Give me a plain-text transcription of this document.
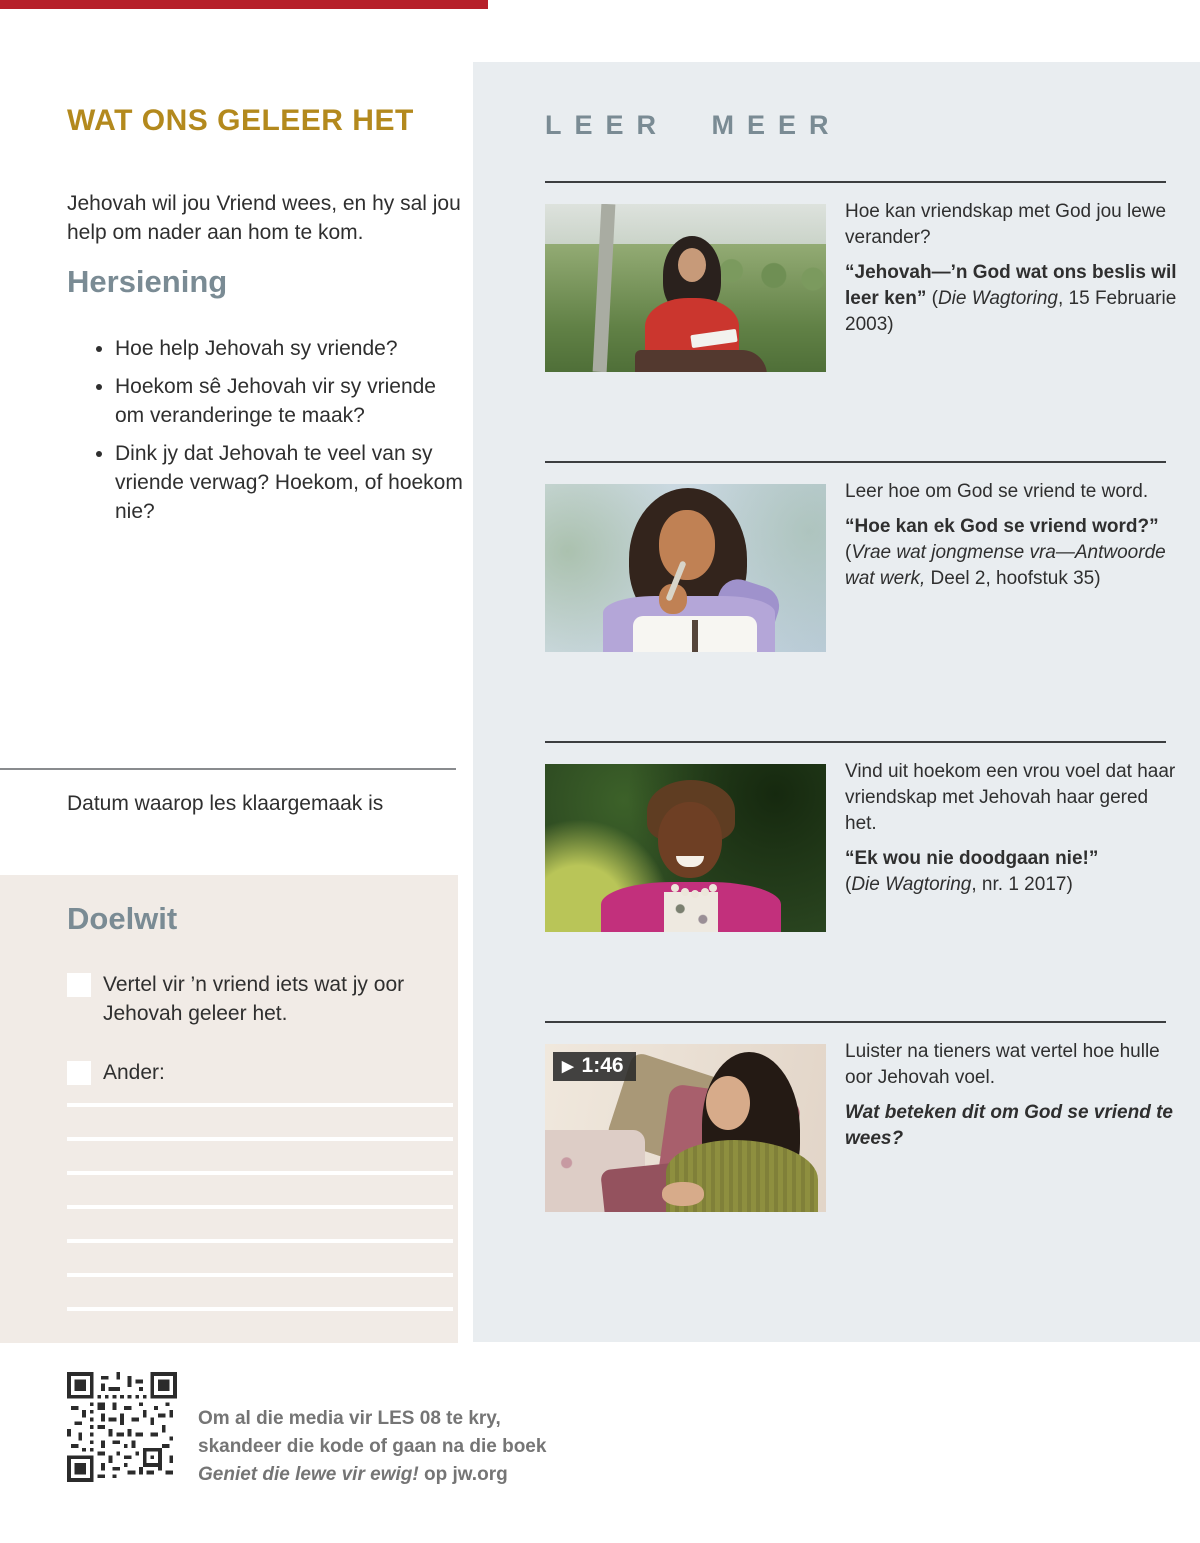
WAT ONS GELEER HET

Jehovah wil jou Vriend wees, en hy sal jou help om nader aan hom te kom.

Hersiening
• Hoe help Jehovah sy vriende?
• Hoekom sê Jehovah vir sy vriende om veranderinge te maak?
• Dink jy dat Jehovah te veel van sy vriende verwag? Hoekom, of hoekom nie?
Datum waarop les klaargemaak is
Doelwit
Vertel vir ’n vriend iets wat jy oor Jehovah geleer het.
Ander:
Om al die media vir LES 08 te kry,
skandeer die kode of gaan na die boek
Geniet die lewe vir ewig! op jw.org
LEER MEER

Hoe kan vriendskap met God jou lewe verander?

“Jehovah—’n God wat ons beslis wil leer ken” (Die Wagtoring, 15 Februarie 2003)

Leer hoe om God se vriend te word.

“Hoe kan ek God se vriend word?” (Vrae wat jongmense vra—Antwoorde wat werk, Deel 2, hoofstuk 35)

Vind uit hoekom een vrou voel dat haar vriendskap met Jehovah haar gered het.

“Ek wou nie doodgaan nie!”
(Die Wagtoring, nr. 1 2017)

▶ 1:46

Luister na tieners wat vertel hoe hulle oor Jehovah voel.

Wat beteken dit om God se vriend te wees?
